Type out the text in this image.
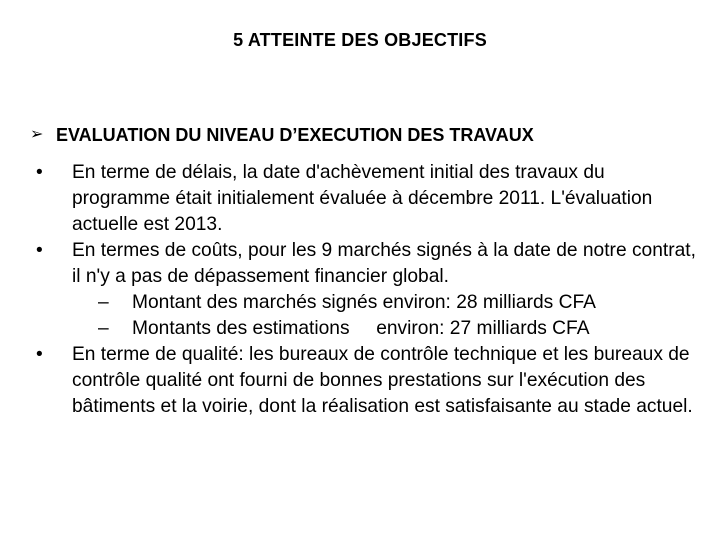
5 ATTEINTE DES OBJECTIFS
➢ EVALUATION DU NIVEAU D’EXECUTION DES TRAVAUX
•	En terme de délais, la date d'achèvement initial des travaux du programme était initialement évaluée à décembre 2011. L'évaluation actuelle est 2013.
•	En termes de coûts, pour les 9 marchés signés à la date de notre contrat, il n'y a pas de dépassement financier global.
–	Montant des marchés signés environ: 28 milliards CFA
–	Montants des estimations     environ: 27 milliards CFA
•	En terme de qualité: les bureaux de contrôle technique et les bureaux de contrôle qualité ont fourni de bonnes prestations sur l'exécution des bâtiments et la voirie, dont la réalisation est satisfaisante au stade actuel.
